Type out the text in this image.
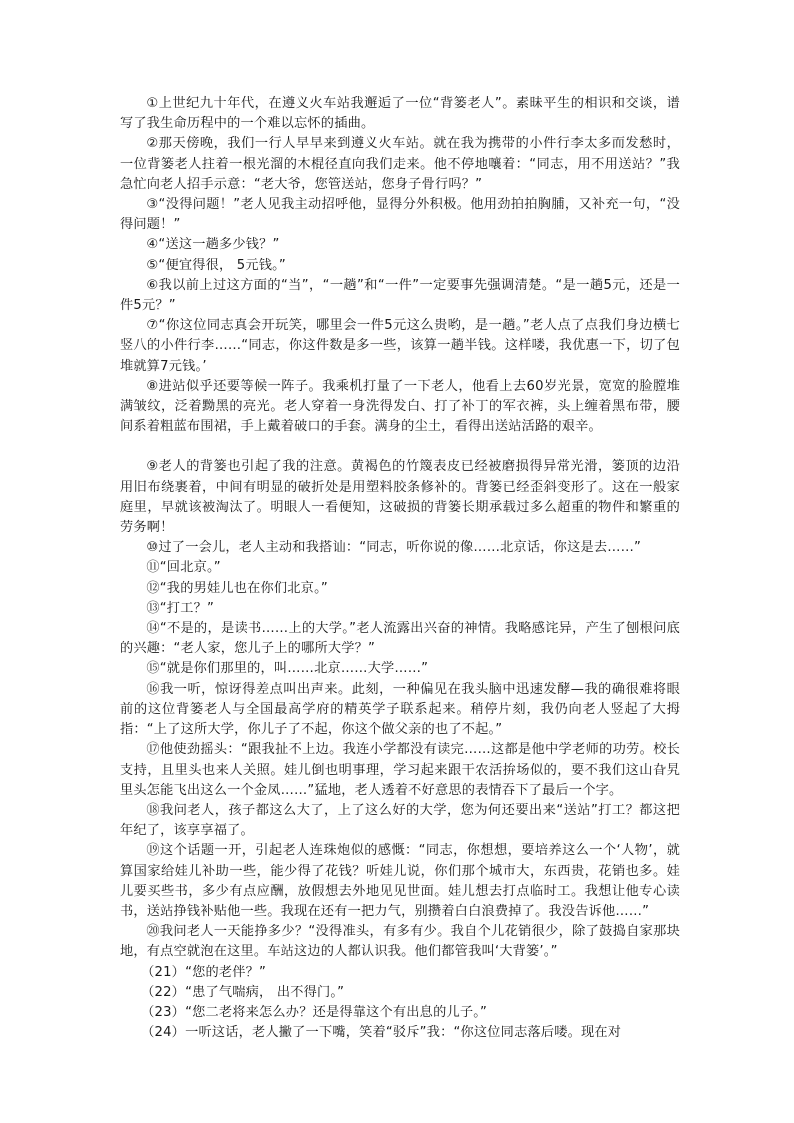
①上世纪九十年代，在遵义火车站我邂逅了一位“背篓老人”。素昧平生的相识和交谈，谱写了我生命历程中的一个难以忘怀的插曲。

②那天傍晚，我们一行人早早来到遵义火车站。就在我为携带的小件行李太多而发愁时，一位背篓老人拄着一根光溜的木棍径直向我们走来。他不停地嚷着：“同志，用不用送站？”我急忙向老人招手示意：“老大爷，您管送站，您身子骨行吗？”

③“没得问题！”老人见我主动招呼他，显得分外积极。他用劲拍拍胸脯，又补充一句，“没得问题！”

④“送这一趟多少钱？”

⑤“便宜得很， 5元钱。”

⑥我以前上过这方面的“当”，“一趟”和“一件”一定要事先强调清楚。“是一趟5元，还是一件5元？”

⑦“你这位同志真会开玩笑，哪里会一件5元这么贵哟，是一趟。”老人点了点我们身边横七竖八的小件行李……“同志，你这件数是多一些，该算一趟半钱。这样喽，我优惠一下，切了包堆就算7元钱。’

⑧进站似乎还要等候一阵子。我乘机打量了一下老人，他看上去60岁光景，宽宽的脸膛堆满皱纹，泛着黝黑的亮光。老人穿着一身洗得发白、打了补丁的军衣裤，头上缠着黑布带，腰间系着粗蓝布围裙，手上戴着破口的手套。满身的尘土，看得出送站活路的艰辛。

⑨老人的背篓也引起了我的注意。黄褐色的竹篾表皮已经被磨损得异常光滑，篓顶的边沿用旧布绕裹着，中间有明显的破折处是用塑料胶条修补的。背篓已经歪斜变形了。这在一般家庭里，早就该被淘汰了。明眼人一看便知，这破损的背篓长期承载过多么超重的物件和繁重的劳务啊！

⑩过了一会儿，老人主动和我搭讪：“同志，听你说的像……北京话，你这是去……”

⑪“回北京。”

⑫“我的男娃儿也在你们北京。”

⑬“打工？”

⑭“不是的，是读书……上的大学。”老人流露出兴奋的神情。我略感诧异，产生了刨根问底的兴趣：“老人家，您儿子上的哪所大学？”

⑮“就是你们那里的，叫……北京……大学……”

⑯我一听，惊讶得差点叫出声来。此刻，一种偏见在我头脑中迅速发酵—我的确很难将眼前的这位背篓老人与全国最高学府的精英学子联系起来。稍停片刻，我仍向老人竖起了大拇指：“上了这所大学，你儿子了不起，你这个做父亲的也了不起。”

⑰他使劲摇头：“跟我扯不上边。我连小学都没有读完……这都是他中学老师的功劳。校长支持，且里头也来人关照。娃儿倒也明事理，学习起来跟干农活拚场似的，要不我们这山旮旯里头怎能飞出这么一个金凤……”猛地，老人透着不好意思的表情吞下了最后一个字。

⑱我问老人，孩子都这么大了，上了这么好的大学，您为何还要出来“送站”打工？都这把年纪了，该享享福了。

⑲这个话题一开，引起老人连珠炮似的感慨：“同志，你想想，要培养这么一个‘人物’，就算国家给娃儿补助一些，能少得了花钱？听娃儿说，你们那个城市大，东西贵，花销也多。娃儿要买些书，多少有点应酬，放假想去外地见见世面。娃儿想去打点临时工。我想让他专心读书，送站挣钱补贴他一些。我现在还有一把力气，别攒着白白浪费掉了。我没告诉他……”

⑳我问老人一天能挣多少？“没得准头，有多有少。我自个儿花销很少，除了鼓捣自家那块地，有点空就泡在这里。车站这边的人都认识我。他们都管我叫‘大背篓’。”

（21）“您的老伴？”

（22）“患了气喘病， 出不得门。”

（23）“您二老将来怎么办？还是得靠这个有出息的儿子。”

（24）一听这话，老人撇了一下嘴，笑着“驳斥”我：“你这位同志落后喽。现在对
